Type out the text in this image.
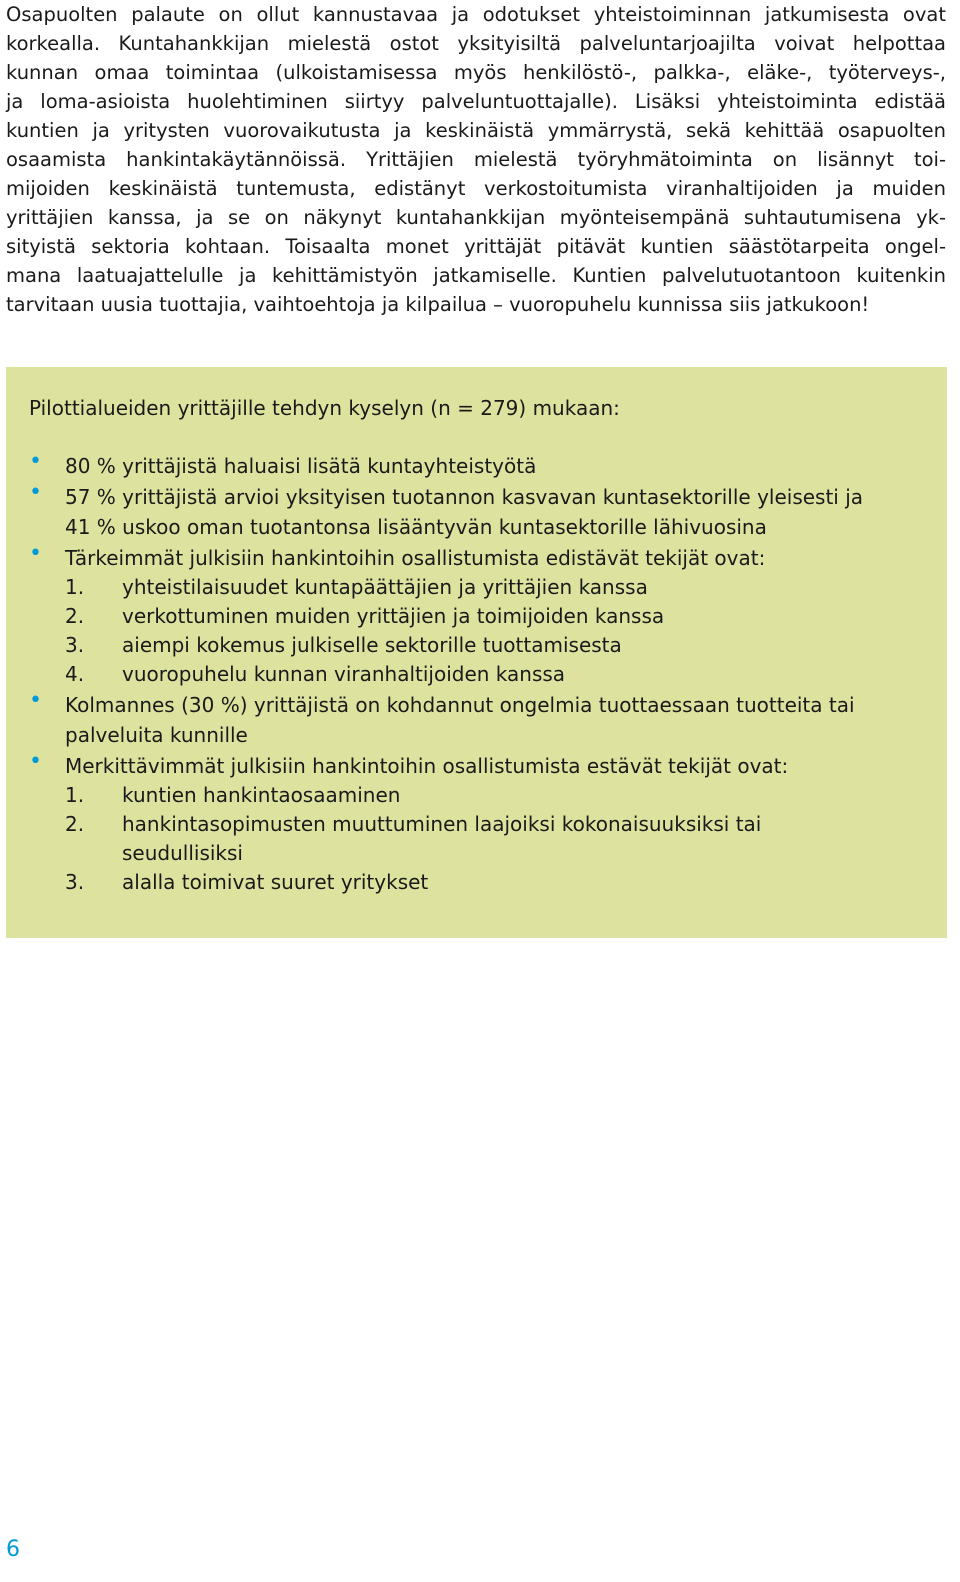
Osapuolten palaute on ollut kannustavaa ja odotukset yhteistoiminnan jatkumisesta ovat
korkealla. Kuntahankkijan mielestä ostot yksityisiltä palveluntarjoajilta voivat helpottaa
kunnan omaa toimintaa (ulkoistamisessa myös henkilöstö-, palkka-, eläke-, työterveys-,
ja loma-asioista huolehtiminen siirtyy palveluntuottajalle). Lisäksi yhteistoiminta edistää
kuntien ja yritysten vuorovaikutusta ja keskinäistä ymmärrystä, sekä kehittää osapuolten
osaamista hankintakäytännöissä. Yrittäjien mielestä työryhmätoiminta on lisännyt toi-
mijoiden keskinäistä tuntemusta, edistänyt verkostoitumista viranhaltijoiden ja muiden
yrittäjien kanssa, ja se on näkynyt kuntahankkijan myönteisempänä suhtautumisena yk-
sityistä sektoria kohtaan. Toisaalta monet yrittäjät pitävät kuntien säästötarpeita ongel-
mana laatuajattelulle ja kehittämistyön jatkamiselle. Kuntien palvelutuotantoon kuitenkin
tarvitaan uusia tuottajia, vaihtoehtoja ja kilpailua – vuoropuhelu kunnissa siis jatkukoon!

Pilottialueiden yrittäjille tehdyn kyselyn (n = 279) mukaan:

• 80 % yrittäjistä haluaisi lisätä kuntayhteistyötä
• 57 % yrittäjistä arvioi yksityisen tuotannon kasvavan kuntasektorille yleisesti ja
41 % uskoo oman tuotantonsa lisääntyvän kuntasektorille lähivuosina
• Tärkeimmät julkisiin hankintoihin osallistumista edistävät tekijät ovat:
1. yhteistilaisuudet kuntapäättäjien ja yrittäjien kanssa
2. verkottuminen muiden yrittäjien ja toimijoiden kanssa
3. aiempi kokemus julkiselle sektorille tuottamisesta
4. vuoropuhelu kunnan viranhaltijoiden kanssa
• Kolmannes (30 %) yrittäjistä on kohdannut ongelmia tuottaessaan tuotteita tai
palveluita kunnille
• Merkittävimmät julkisiin hankintoihin osallistumista estävät tekijät ovat:
1. kuntien hankintaosaaminen
2. hankintasopimusten muuttuminen laajoiksi kokonaisuuksiksi tai
seudullisiksi
3. alalla toimivat suuret yritykset

6
